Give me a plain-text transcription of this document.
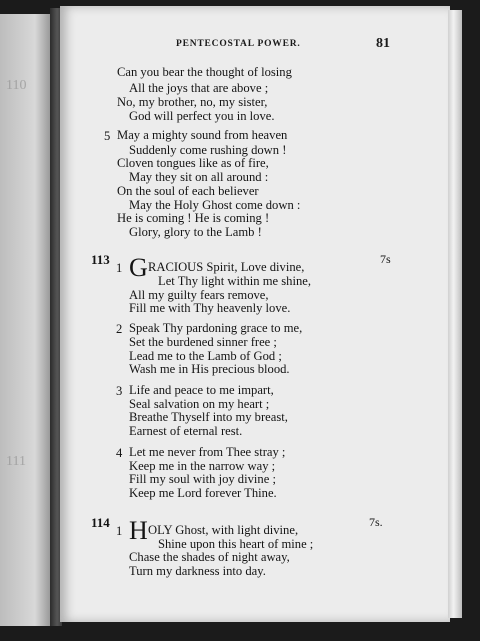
110
111
PENTECOSTAL POWER.	81
Can you bear the thought of losing
All the joys that are above ;
No, my brother, no, my sister,
God will perfect you in love.
5 May a mighty sound from heaven
Suddenly come rushing down !
Cloven tongues like as of fire,
May they sit on all around :
On the soul of each believer
May the Holy Ghost come down :
He is coming ! He is coming !
Glory, glory to the Lamb !
113	7s
1 G RACIOUS Spirit, Love divine,
Let Thy light within me shine,
All my guilty fears remove,
Fill me with Thy heavenly love.
2 Speak Thy pardoning grace to me,
Set the burdened sinner free ;
Lead me to the Lamb of God ;
Wash me in His precious blood.
3 Life and peace to me impart,
Seal salvation on my heart ;
Breathe Thyself into my breast,
Earnest of eternal rest.
4 Let me never from Thee stray ;
Keep me in the narrow way ;
Fill my soul with joy divine ;
Keep me Lord forever Thine.
114	7s.
1 H OLY Ghost, with light divine,
Shine upon this heart of mine ;
Chase the shades of night away,
Turn my darkness into day.
